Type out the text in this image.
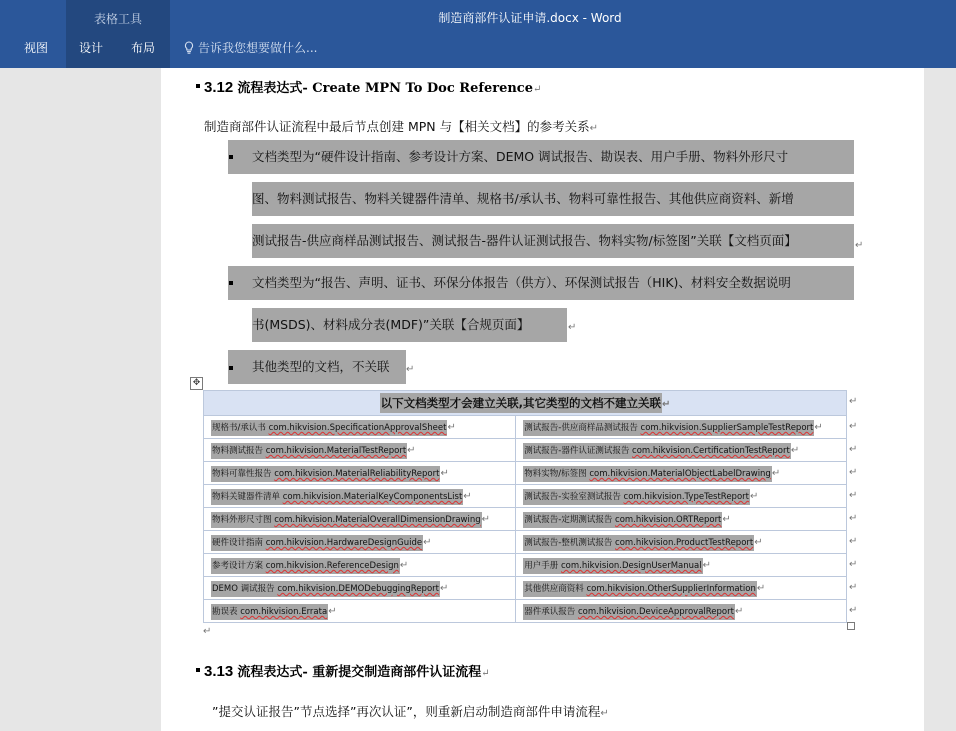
表格工具	制造商部件认证申请.docx - Word
视图	设计 布局	告诉我您想要做什么...
3.12 流程表达式- Create MPN To Doc Reference↵
制造商部件认证流程中最后节点创建 MPN 与【相关文档】的参考关系↵
文档类型为“硬件设计指南、参考设计方案、DEMO 调试报告、勘误表、用户手册、物料外形尺寸
图、物料测试报告、物料关键器件清单、规格书/承认书、物料可靠性报告、其他供应商资料、新增
测试报告-供应商样品测试报告、测试报告-器件认证测试报告、物料实物/标签图”关联【文档页面】	↵
文档类型为“报告、声明、证书、环保分体报告（供方）、环保测试报告（HIK)、材料安全数据说明
书(MSDS)、材料成分表(MDF)”关联【合规页面】	↵
其他类型的文档，不关联	↵
✥
以下文档类型才会建立关联,其它类型的文档不建立关联↵	
规格书/承认书 com.hikvision.SpecificationApprovalSheet↵	测试报告-供应商样品测试报告 com.hikvision.SupplierSampleTestReport↵
物料测试报告 com.hikvision.MaterialTestReport↵	测试报告-器件认证测试报告 com.hikvision.CertificationTestReport↵
物料可靠性报告 com.hikvision.MaterialReliabilityReport↵	物料实物/标签图 com.hikvision.MaterialObjectLabelDrawing↵
物料关键器件清单 com.hikvision.MaterialKeyComponentsList↵	测试报告-实验室测试报告 com.hikvision.TypeTestReport↵
物料外形尺寸图 com.hikvision.MaterialOverallDimensionDrawing↵	测试报告-定期测试报告 com.hikvision.ORTReport↵
硬件设计指南 com.hikvision.HardwareDesignGuide↵	测试报告-整机测试报告 com.hikvision.ProductTestReport↵
参考设计方案 com.hikvision.ReferenceDesign↵	用户手册 com.hikvision.DesignUserManual↵
DEMO 调试报告 com.hikvision.DEMODebuggingReport↵	其他供应商资料 com.hikvision.OtherSupplierInformation↵
勘误表 com.hikvision.Errata↵	器件承认报告 com.hikvision.DeviceApprovalReport↵
↵
↵
↵
↵
↵
↵
↵
↵
↵
↵
↵
3.13 流程表达式- 重新提交制造商部件认证流程↵
”提交认证报告”节点选择”再次认证”，则重新启动制造商部件申请流程↵
